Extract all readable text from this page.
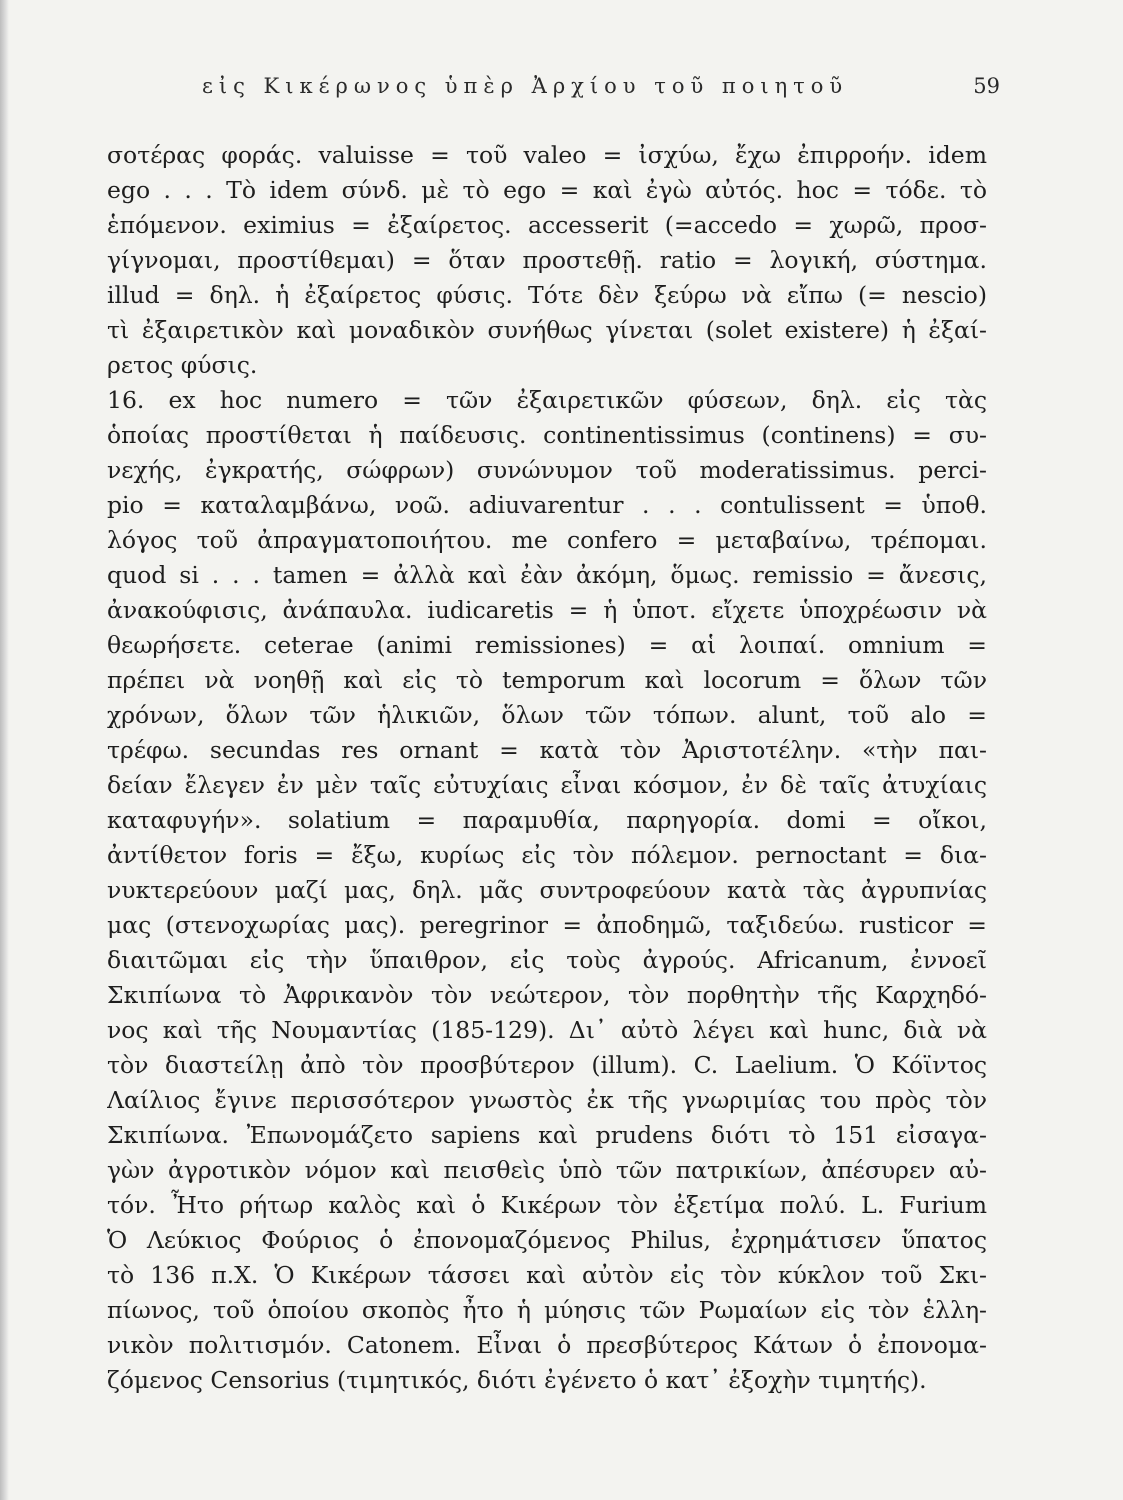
εἰς Κικέρωνος ὑπὲρ Ἀρχίου τοῦ ποιητοῦ	59
σοτέρας φοράς. valuisse = τοῦ valeo = ἰσχύω, ἔχω ἐπιρροήν. idem
ego . . . Τὸ idem σύνδ. μὲ τὸ ego = καὶ ἐγὼ αὐτός. hoc = τόδε. τὸ
ἑπόμενον. eximius = ἐξαίρετος. accesserit (=accedo = χωρῶ, προσ-
γίγνομαι, προστίθεμαι) = ὅταν προστεθῇ. ratio = λογική, σύστημα.
illud = δηλ. ἡ ἐξαίρετος φύσις. Τότε δὲν ξεύρω νὰ εἴπω (= nescio)
τὶ ἐξαιρετικὸν καὶ μοναδικὸν συνήθως γίνεται (solet existere) ἡ ἐξαί-
ρετος φύσις.
16. ex hoc numero = τῶν ἐξαιρετικῶν φύσεων, δηλ. εἰς τὰς
ὁποίας προστίθεται ἡ παίδευσις. continentissimus (continens) = συ-
νεχής, ἐγκρατής, σώφρων) συνώνυμον τοῦ moderatissimus. perci-
pio = καταλαμβάνω, νοῶ. adiuvarentur . . . contulissent = ὑποθ.
λόγος τοῦ ἀπραγματοποιήτου. me confero = μεταβαίνω, τρέπομαι.
quod si . . . tamen = ἀλλὰ καὶ ἐὰν ἀκόμη, ὅμως. remissio = ἄνεσις,
ἀνακούφισις, ἀνάπαυλα. iudicaretis = ἡ ὑποτ. εἴχετε ὑποχρέωσιν νὰ
θεωρήσετε. ceterae (animi remissiones) = αἱ λοιπαί. omnium =
πρέπει νὰ νοηθῇ καὶ εἰς τὸ temporum καὶ locorum = ὅλων τῶν
χρόνων, ὅλων τῶν ἡλικιῶν, ὅλων τῶν τόπων. alunt, τοῦ alo =
τρέφω. secundas res ornant = κατὰ τὸν Ἀριστοτέλην. «τὴν παι-
δείαν ἔλεγεν ἐν μὲν ταῖς εὐτυχίαις εἶναι κόσμον, ἐν δὲ ταῖς ἀτυχίαις
καταφυγήν». solatium = παραμυθία, παρηγορία. domi = οἴκοι,
ἀντίθετον foris = ἔξω, κυρίως εἰς τὸν πόλεμον. pernoctant = δια-
νυκτερεύουν μαζί μας, δηλ. μᾶς συντροφεύουν κατὰ τὰς ἀγρυπνίας
μας (στενοχωρίας μας). peregrinor = ἀποδημῶ, ταξιδεύω. rusticor =
διαιτῶμαι εἰς τὴν ὕπαιθρον, εἰς τοὺς ἀγρούς. Africanum, ἐννοεῖ
Σκιπίωνα τὸ Ἀφρικανὸν τὸν νεώτερον, τὸν πορθητὴν τῆς Καρχηδό-
νος καὶ τῆς Νουμαντίας (185-129). Δι᾿ αὐτὸ λέγει καὶ hunc, διὰ νὰ
τὸν διαστείλῃ ἀπὸ τὸν προσβύτερον (illum). C. Laelium. Ὁ Κόϊντος
Λαίλιος ἔγινε περισσότερον γνωστὸς ἐκ τῆς γνωριμίας του πρὸς τὸν
Σκιπίωνα. Ἐπωνομάζετο sapiens καὶ prudens διότι τὸ 151 εἰσαγα-
γὼν ἀγροτικὸν νόμον καὶ πεισθεὶς ὑπὸ τῶν πατρικίων, ἀπέσυρεν αὐ-
τόν. Ἦτο ρήτωρ καλὸς καὶ ὁ Κικέρων τὸν ἐξετίμα πολύ. L. Furium
Ὁ Λεύκιος Φούριος ὁ ἐπονομαζόμενος Philus, ἐχρημάτισεν ὕπατος
τὸ 136 π.Χ. Ὁ Κικέρων τάσσει καὶ αὐτὸν εἰς τὸν κύκλον τοῦ Σκι-
πίωνος, τοῦ ὁποίου σκοπὸς ἦτο ἡ μύησις τῶν Ρωμαίων εἰς τὸν ἑλλη-
νικὸν πολιτισμόν. Catonem. Εἶναι ὁ πρεσβύτερος Κάτων ὁ ἐπονομα-
ζόμενος Censorius (τιμητικός, διότι ἐγένετο ὁ κατ᾿ ἐξοχὴν τιμητής).
